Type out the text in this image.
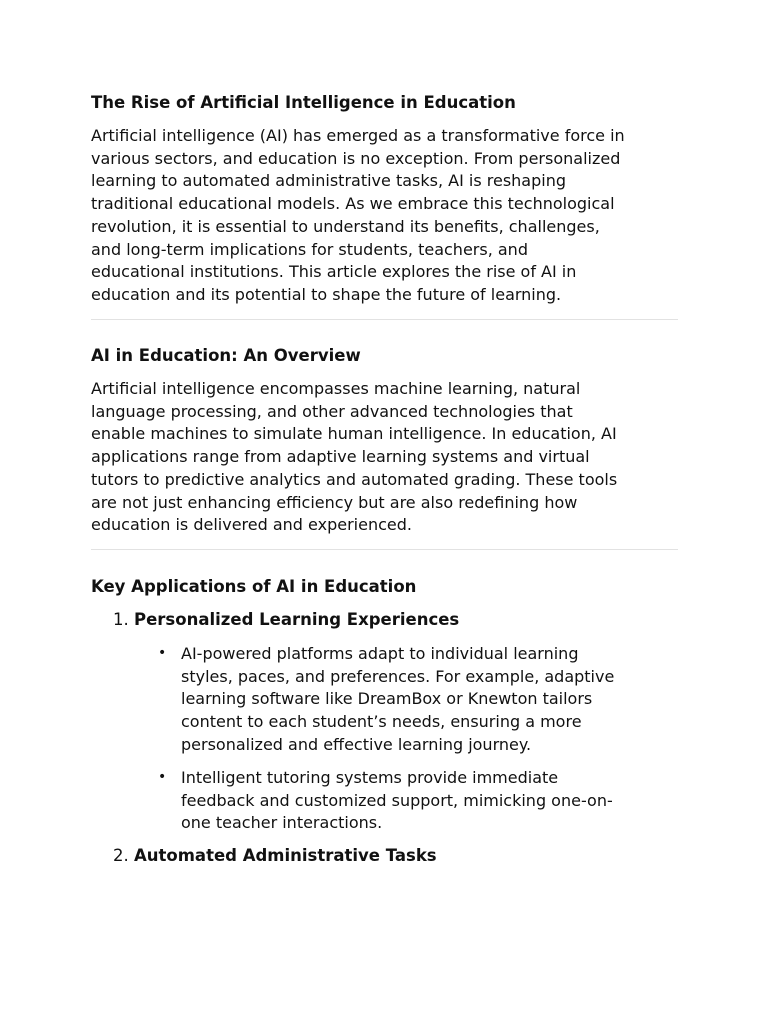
The Rise of Artificial Intelligence in Education
Artificial intelligence (AI) has emerged as a transformative force in
various sectors, and education is no exception. From personalized
learning to automated administrative tasks, AI is reshaping
traditional educational models. As we embrace this technological
revolution, it is essential to understand its benefits, challenges,
and long-term implications for students, teachers, and
educational institutions. This article explores the rise of AI in
education and its potential to shape the future of learning.
AI in Education: An Overview
Artificial intelligence encompasses machine learning, natural
language processing, and other advanced technologies that
enable machines to simulate human intelligence. In education, AI
applications range from adaptive learning systems and virtual
tutors to predictive analytics and automated grading. These tools
are not just enhancing efficiency but are also redefining how
education is delivered and experienced.
Key Applications of AI in Education
1. Personalized Learning Experiences
• AI-powered platforms adapt to individual learning
styles, paces, and preferences. For example, adaptive
learning software like DreamBox or Knewton tailors
content to each student’s needs, ensuring a more
personalized and effective learning journey.
• Intelligent tutoring systems provide immediate
feedback and customized support, mimicking one-on-
one teacher interactions.
2. Automated Administrative Tasks
